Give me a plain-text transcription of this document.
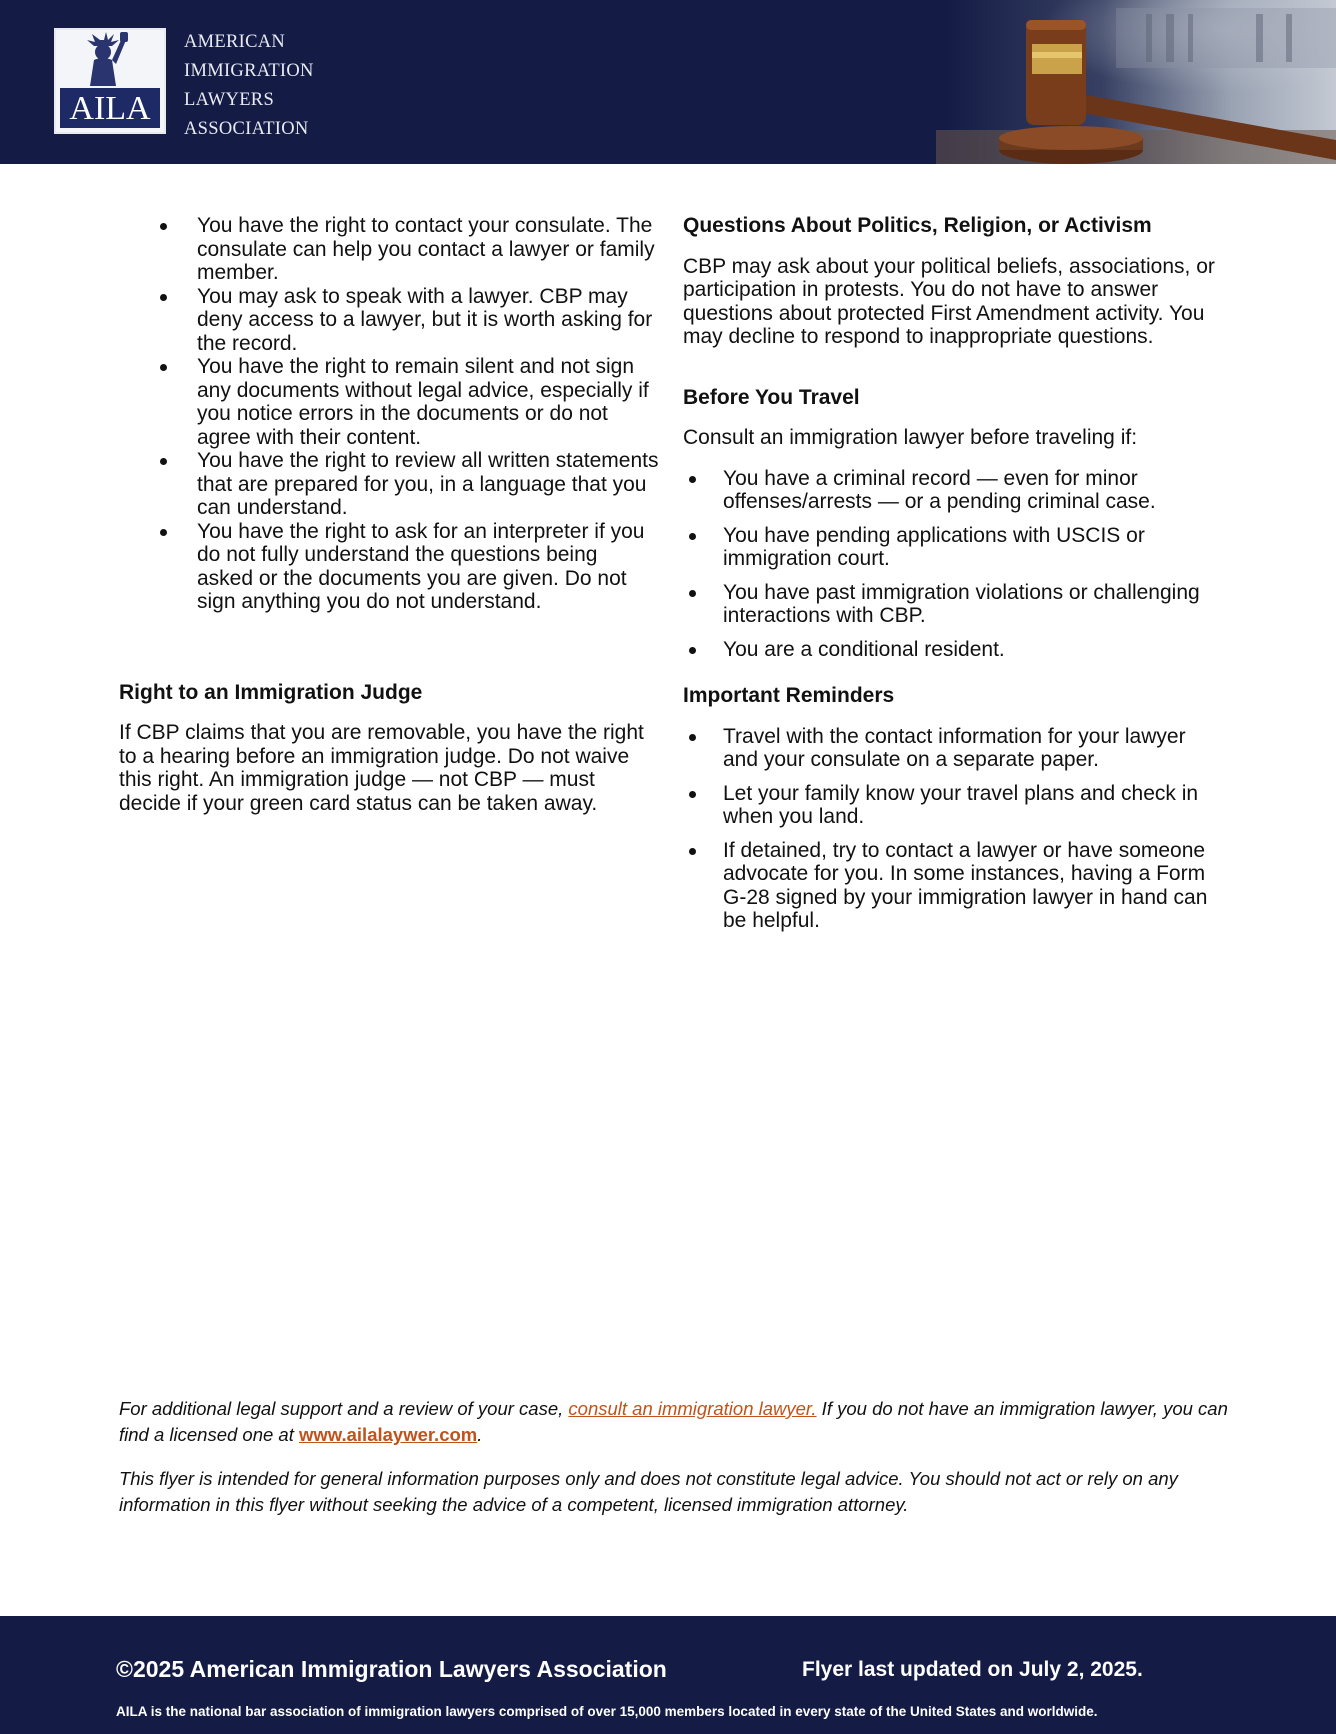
AILA
AMERICAN
IMMIGRATION
LAWYERS
ASSOCIATION
You have the right to contact your consulate. The consulate can help you contact a lawyer or family member.
You may ask to speak with a lawyer. CBP may deny access to a lawyer, but it is worth asking for the record.
You have the right to remain silent and not sign any documents without legal advice, especially if you notice errors in the documents or do not agree with their content.
You have the right to review all written statements that are prepared for you, in a language that you can understand.
You have the right to ask for an interpreter if you do not fully understand the questions being asked or the documents you are given. Do not sign anything you do not understand.
Right to an Immigration Judge

If CBP claims that you are removable, you have the right to a hearing before an immigration judge. Do not waive this right. An immigration judge — not CBP — must decide if your green card status can be taken away.

Questions About Politics, Religion, or Activism

CBP may ask about your political beliefs, associations, or participation in protests. You do not have to answer questions about protected First Amendment activity. You may decline to respond to inappropriate questions.

Before You Travel

Consult an immigration lawyer before traveling if:

You have a criminal record — even for minor offenses/arrests — or a pending criminal case.
You have pending applications with USCIS or immigration court.
You have past immigration violations or challenging interactions with CBP.
You are a conditional resident.
Important Reminders
Travel with the contact information for your lawyer and your consulate on a separate paper.
Let your family know your travel plans and check in when you land.
If detained, try to contact a lawyer or have someone advocate for you. In some instances, having a Form G-28 signed by your immigration lawyer in hand can be helpful.

For additional legal support and a review of your case, consult an immigration lawyer. If you do not have an immigration lawyer, you can find a licensed one at www.ailalaywer.com.

This flyer is intended for general information purposes only and does not constitute legal advice. You should not act or rely on any information in this flyer without seeking the advice of a competent, licensed immigration attorney.

©2025 American Immigration Lawyers Association	Flyer last updated on July 2, 2025.
AILA is the national bar association of immigration lawyers comprised of over 15,000 members located in every state of the United States and worldwide.
